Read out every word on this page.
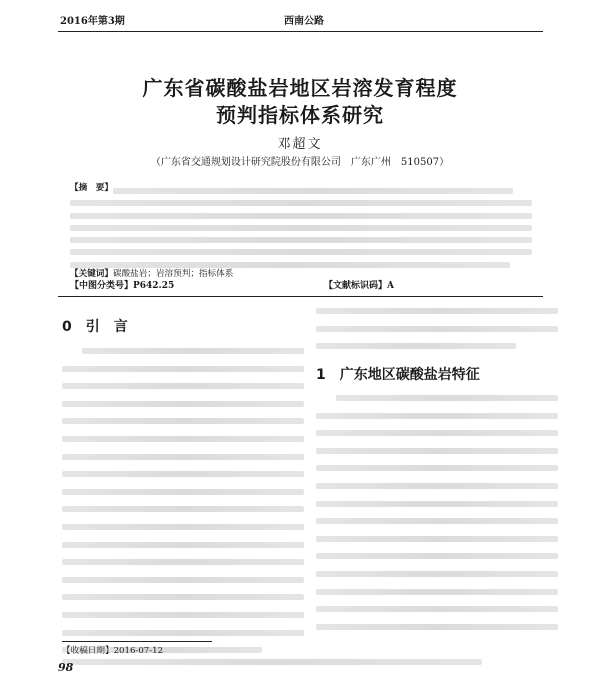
2016年第3期	西南公路
广东省碳酸盐岩地区岩溶发育程度
预判指标体系研究
邓超文
（广东省交通规划设计研究院股份有限公司　广东广州　510507）
【摘　要】
【关键词】碳酸盐岩；岩溶预判；指标体系
【中图分类号】P642.25	【文献标识码】A
0　引　言
1　广东地区碳酸盐岩特征
【收稿日期】2016-07-12
98
